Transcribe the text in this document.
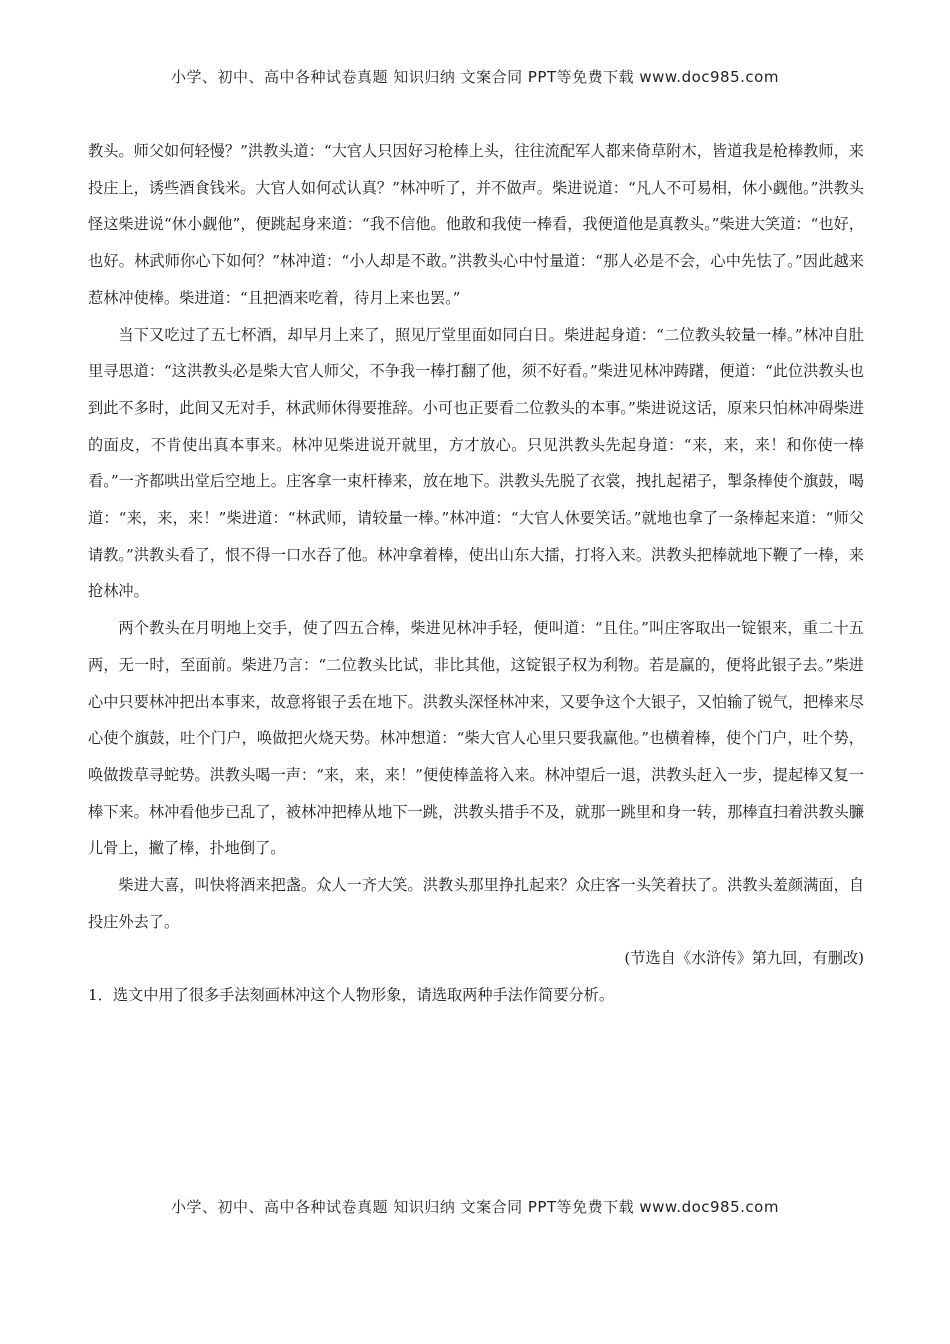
小学、初中、高中各种试卷真题 知识归纳 文案合同 PPT等免费下载 www.doc985.com

教头。师父如何轻慢？”洪教头道：“大官人只因好习枪棒上头，往往流配军人都来倚草附木，皆道我是枪棒教师，来投庄上，诱些酒食钱米。大官人如何忒认真？”林冲听了，并不做声。柴进说道：“凡人不可易相，休小觑他。”洪教头怪这柴进说“休小觑他”，便跳起身来道：“我不信他。他敢和我使一棒看，我便道他是真教头。”柴进大笑道：“也好，也好。林武师你心下如何？”林冲道：“小人却是不敢。”洪教头心中忖量道：“那人必是不会，心中先怯了。”因此越来惹林冲使棒。柴进道：“且把酒来吃着，待月上来也罢。”

当下又吃过了五七杯酒，却早月上来了，照见厅堂里面如同白日。柴进起身道：“二位教头较量一棒。”林冲自肚里寻思道：“这洪教头必是柴大官人师父，不争我一棒打翻了他，须不好看。”柴进见林冲踌躇，便道：“此位洪教头也到此不多时，此间又无对手，林武师休得要推辞。小可也正要看二位教头的本事。”柴进说这话，原来只怕林冲碍柴进的面皮，不肯使出真本事来。林冲见柴进说开就里，方才放心。只见洪教头先起身道：“来，来，来！和你使一棒看。”一齐都哄出堂后空地上。庄客拿一束杆棒来，放在地下。洪教头先脱了衣裳，拽扎起裙子，掣条棒使个旗鼓，喝道：“来，来，来！”柴进道：“林武师，请较量一棒。”林冲道：“大官人休要笑话。”就地也拿了一条棒起来道：“师父请教。”洪教头看了，恨不得一口水吞了他。林冲拿着棒，使出山东大擂，打将入来。洪教头把棒就地下鞭了一棒，来抢林冲。

两个教头在月明地上交手，使了四五合棒，柴进见林冲手轻，便叫道：“且住。”叫庄客取出一锭银来，重二十五两，无一时，至面前。柴进乃言：“二位教头比试，非比其他，这锭银子权为利物。若是赢的，便将此银子去。”柴进心中只要林冲把出本事来，故意将银子丢在地下。洪教头深怪林冲来，又要争这个大银子，又怕输了锐气，把棒来尽心使个旗鼓，吐个门户，唤做把火烧天势。林冲想道：“柴大官人心里只要我赢他。”也横着棒，使个门户，吐个势，唤做拨草寻蛇势。洪教头喝一声：“来，来，来！”便使棒盖将入来。林冲望后一退，洪教头赶入一步，提起棒又复一棒下来。林冲看他步已乱了，被林冲把棒从地下一跳，洪教头措手不及，就那一跳里和身一转，那棒直扫着洪教头臁儿骨上，撇了棒，扑地倒了。

柴进大喜，叫快将酒来把盏。众人一齐大笑。洪教头那里挣扎起来？众庄客一头笑着扶了。洪教头羞颜满面，自投庄外去了。

(节选自《水浒传》第九回，有删改)

1．选文中用了很多手法刻画林冲这个人物形象，请选取两种手法作简要分析。

小学、初中、高中各种试卷真题 知识归纳 文案合同 PPT等免费下载 www.doc985.com
